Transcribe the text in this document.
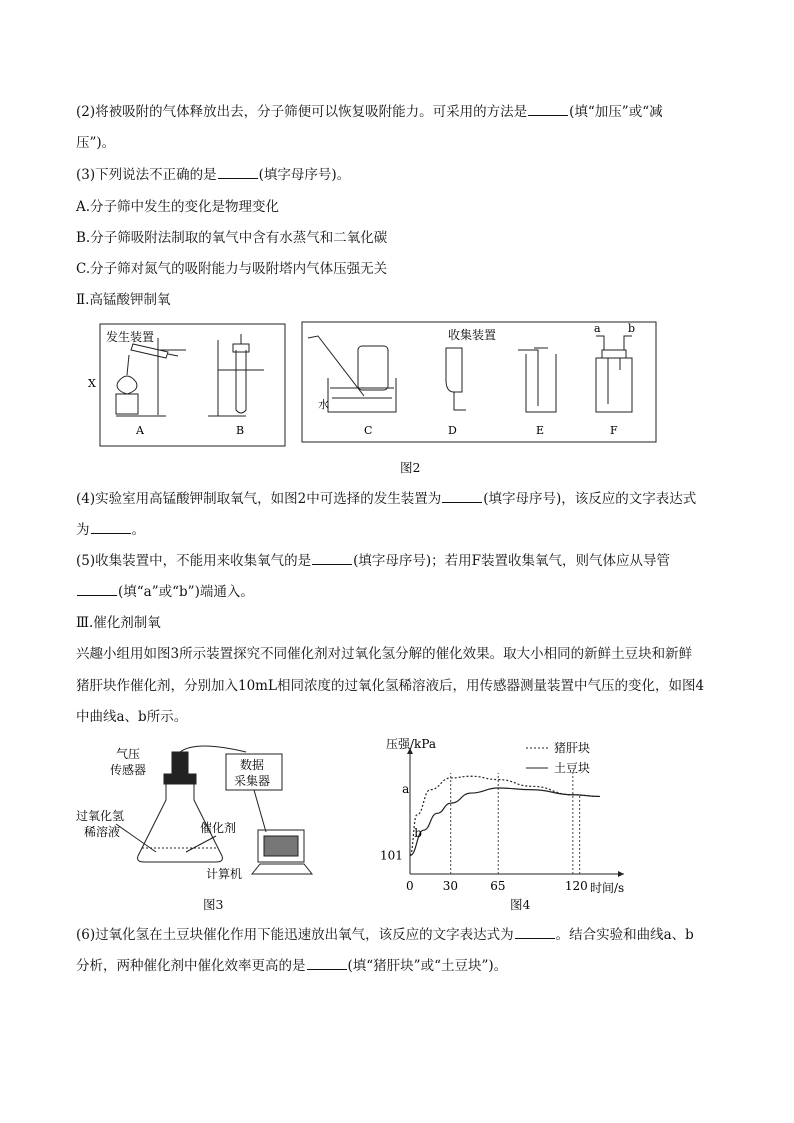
(2)将被吸附的气体释放出去，分子筛便可以恢复吸附能力。可采用的方法是	(填“加压”或“减
压”)。
(3)下列说法不正确的是	(填字母序号)。
A.分子筛中发生的变化是物理变化
B.分子筛吸附法制取的氧气中含有水蒸气和二氧化碳
C.分子筛对氮气的吸附能力与吸附塔内气体压强无关
Ⅱ.高锰酸钾制氧
发生装置
X
A	B
收集装置
水
C	D	E
a b
F
图2
(4)实验室用高锰酸钾制取氧气，如图2中可选择的发生装置为	(填字母序号)，该反应的文字表达式
为	。
(5)收集装置中，不能用来收集氧气的是	(填字母序号)；若用F装置收集氧气，则气体应从导管
(填“a”或“b”)端通入。
Ⅲ.催化剂制氧
兴趣小组用如图3所示装置探究不同催化剂对过氧化氢分解的催化效果。取大小相同的新鲜土豆块和新鲜
猪肝块作催化剂，分别加入10mL相同浓度的过氧化氢稀溶液后，用传感器测量装置中气压的变化，如图4
中曲线a、b所示。
气压
传感器	数据
采集器
过氧化氢
稀溶液	催化剂
计算机
图3
压强/kPa
时间/s
0 30	65	120
101
a
猪肝块
b
土豆块
图4
(6)过氧化氢在土豆块催化作用下能迅速放出氧气，该反应的文字表达式为	。结合实验和曲线a、b
分析，两种催化剂中催化效率更高的是	(填“猪肝块”或“土豆块”)。
